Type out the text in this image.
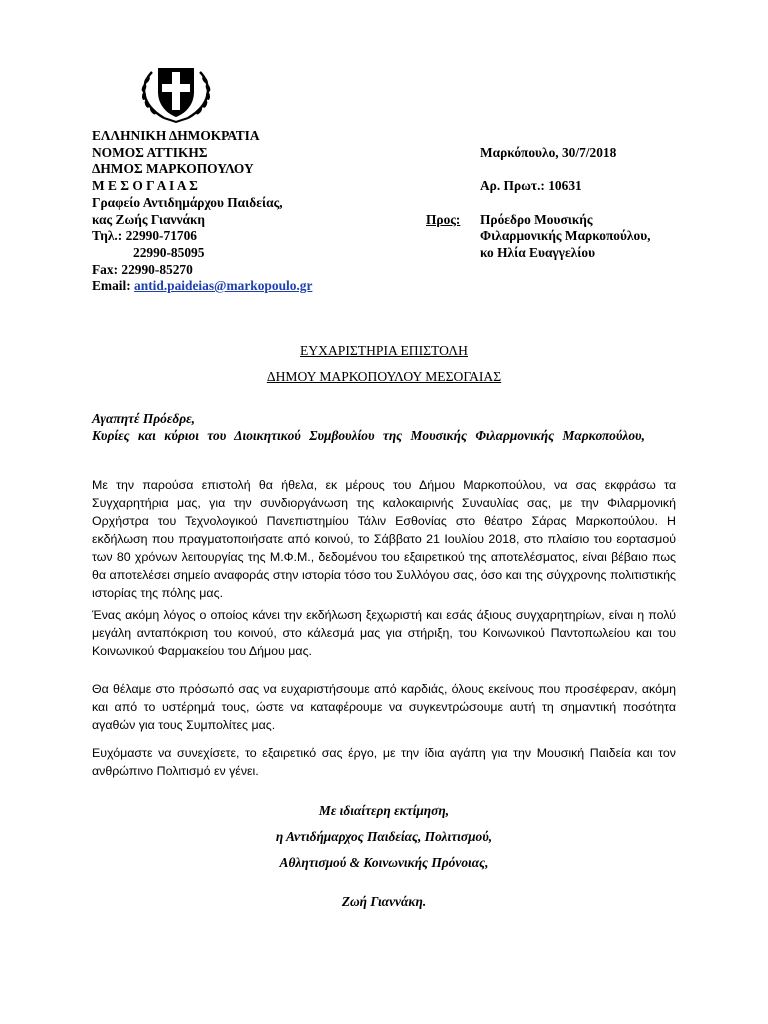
ΕΛΛΗΝΙΚΗ ΔΗΜΟΚΡΑΤΙΑ
ΝΟΜΟΣ ΑΤΤΙΚΗΣ
ΔΗΜΟΣ ΜΑΡΚΟΠΟΥΛΟΥ
Μ Ε Σ Ο Γ Α Ι Α Σ
Γραφείο Αντιδημάρχου Παιδείας,
κας Ζωής Γιαννάκη
Τηλ.: 22990-71706
22990-85095
Fax: 22990-85270
Email: antid.paideias@markopoulo.gr
Μαρκόπουλο, 30/7/2018
Αρ. Πρωτ.: 10631
Προς: Πρόεδρο Μουσικής
Φιλαρμονικής Μαρκοπούλου,
κο Ηλία Ευαγγελίου
ΕΥΧΑΡΙΣΤΗΡΙΑ ΕΠΙΣΤΟΛΗ
ΔΗΜΟΥ ΜΑΡΚΟΠΟΥΛΟΥ ΜΕΣΟΓΑΙΑΣ
Αγαπητέ Πρόεδρε,
Κυρίες και κύριοι του Διοικητικού Συμβουλίου της Μουσικής Φιλαρμονικής Μαρκοπούλου,
Με την παρούσα επιστολή θα ήθελα, εκ μέρους του Δήμου Μαρκοπούλου, να σας εκφράσω τα Συγχαρητήρια μας, για την συνδιοργάνωση της καλοκαιρινής Συναυλίας σας, με την Φιλαρμονική Ορχήστρα του Τεχνολογικού Πανεπιστημίου Τάλιν Εσθονίας στο θέατρο Σάρας Μαρκοπούλου. Η εκδήλωση που πραγματοποιήσατε από κοινού, το Σάββατο 21 Ιουλίου 2018, στο πλαίσιο του εορτασμού των 80 χρόνων λειτουργίας της Μ.Φ.Μ., δεδομένου του εξαιρετικού της αποτελέσματος, είναι βέβαιο πως θα αποτελέσει σημείο αναφοράς στην ιστορία τόσο του Συλλόγου σας, όσο και της σύγχρονης πολιτιστικής ιστορίας της πόλης μας.
Ένας ακόμη λόγος ο οποίος κάνει την εκδήλωση ξεχωριστή και εσάς άξιους συγχαρητηρίων, είναι η πολύ μεγάλη ανταπόκριση του κοινού, στο κάλεσμά μας για στήριξη, του Κοινωνικού Παντοπωλείου και του Κοινωνικού Φαρμακείου του Δήμου μας.
Θα θέλαμε στο πρόσωπό σας να ευχαριστήσουμε από καρδιάς, όλους εκείνους που προσέφεραν, ακόμη και από το υστέρημά τους, ώστε να καταφέρουμε να συγκεντρώσουμε αυτή τη σημαντική ποσότητα αγαθών για τους Συμπολίτες μας.
Ευχόμαστε να συνεχίσετε, το εξαιρετικό σας έργο, με την ίδια αγάπη για την Μουσική Παιδεία και τον ανθρώπινο Πολιτισμό εν γένει.
Με ιδιαίτερη εκτίμηση,
η Αντιδήμαρχος Παιδείας, Πολιτισμού,
Αθλητισμού & Κοινωνικής Πρόνοιας,
Ζωή Γιαννάκη.
